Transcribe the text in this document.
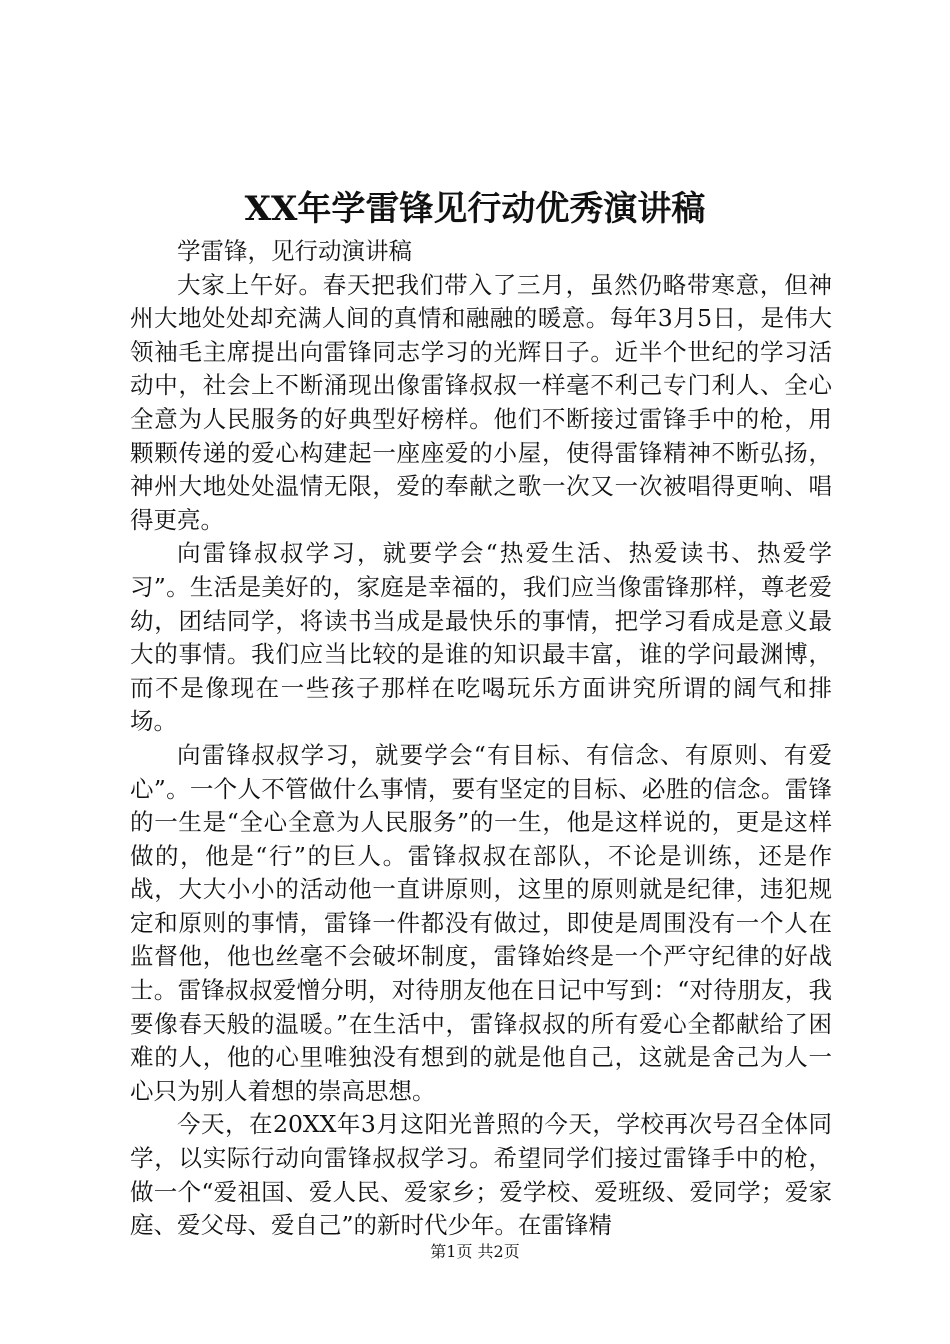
XX年学雷锋见行动优秀演讲稿

学雷锋，见行动演讲稿

大家上午好。春天把我们带入了三月，虽然仍略带寒意，但神州大地处处却充满人间的真情和融融的暖意。每年3月5日，是伟大领袖毛主席提出向雷锋同志学习的光辉日子。近半个世纪的学习活动中，社会上不断涌现出像雷锋叔叔一样毫不利己专门利人、全心全意为人民服务的好典型好榜样。他们不断接过雷锋手中的枪，用颗颗传递的爱心构建起一座座爱的小屋，使得雷锋精神不断弘扬，神州大地处处温情无限，爱的奉献之歌一次又一次被唱得更响、唱得更亮。

向雷锋叔叔学习，就要学会“热爱生活、热爱读书、热爱学习”。生活是美好的，家庭是幸福的，我们应当像雷锋那样，尊老爱幼，团结同学，将读书当成是最快乐的事情，把学习看成是意义最大的事情。我们应当比较的是谁的知识最丰富，谁的学问最渊博，而不是像现在一些孩子那样在吃喝玩乐方面讲究所谓的阔气和排场。

向雷锋叔叔学习，就要学会“有目标、有信念、有原则、有爱心”。一个人不管做什么事情，要有坚定的目标、必胜的信念。雷锋的一生是“全心全意为人民服务”的一生，他是这样说的，更是这样做的，他是“行”的巨人。雷锋叔叔在部队，不论是训练，还是作战，大大小小的活动他一直讲原则，这里的原则就是纪律，违犯规定和原则的事情，雷锋一件都没有做过，即使是周围没有一个人在监督他，他也丝毫不会破坏制度，雷锋始终是一个严守纪律的好战士。雷锋叔叔爱憎分明，对待朋友他在日记中写到：“对待朋友，我要像春天般的温暖。”在生活中，雷锋叔叔的所有爱心全都献给了困难的人，他的心里唯独没有想到的就是他自己，这就是舍己为人一心只为别人着想的崇高思想。

今天，在20XX年3月这阳光普照的今天，学校再次号召全体同学，以实际行动向雷锋叔叔学习。希望同学们接过雷锋手中的枪，做一个“爱祖国、爱人民、爱家乡；爱学校、爱班级、爱同学；爱家庭、爱父母、爱自己”的新时代少年。在雷锋精

第1页 共2页
